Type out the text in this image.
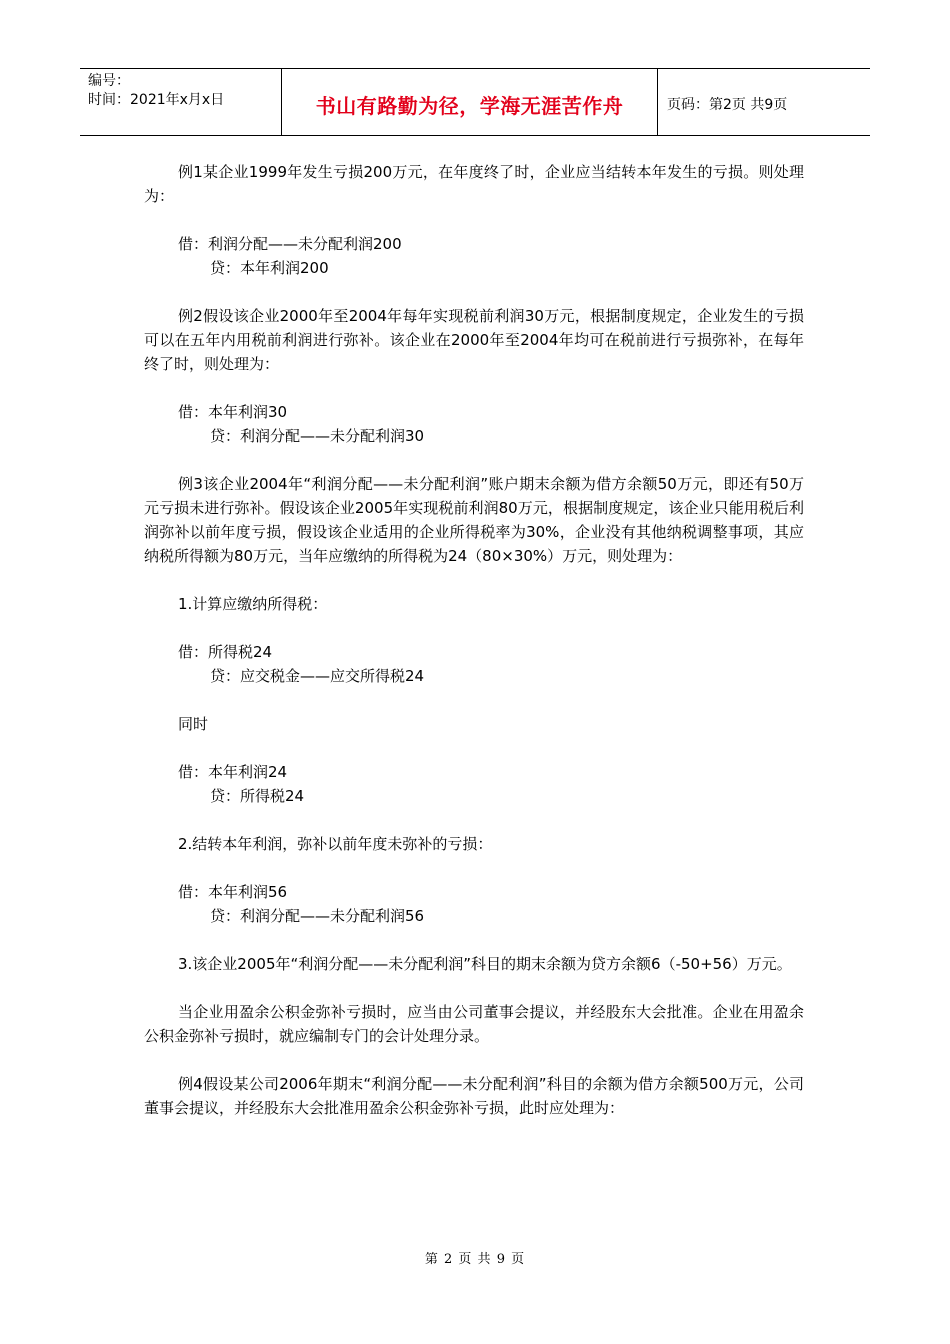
编号：
时间：2021年x月x日	书山有路勤为径，学海无涯苦作舟	页码：第2页 共9页

例1某企业1999年发生亏损200万元，在年度终了时，企业应当结转本年发生的亏损。则处理为：

借：利润分配——未分配利润200
贷：本年利润200

例2假设该企业2000年至2004年每年实现税前利润30万元，根据制度规定，企业发生的亏损可以在五年内用税前利润进行弥补。该企业在2000年至2004年均可在税前进行亏损弥补，在每年终了时，则处理为：

借：本年利润30
贷：利润分配——未分配利润30

例3该企业2004年“利润分配——未分配利润”账户期末余额为借方余额50万元，即还有50万元亏损未进行弥补。假设该企业2005年实现税前利润80万元，根据制度规定，该企业只能用税后利润弥补以前年度亏损，假设该企业适用的企业所得税率为30%，企业没有其他纳税调整事项，其应纳税所得额为80万元，当年应缴纳的所得税为24（80×30%）万元，则处理为：

1.计算应缴纳所得税：
借：所得税24
贷：应交税金——应交所得税24
同时
借：本年利润24
贷：所得税24
2.结转本年利润，弥补以前年度未弥补的亏损：
借：本年利润56
贷：利润分配——未分配利润56

3.该企业2005年“利润分配——未分配利润”科目的期末余额为贷方余额6（-50+56）万元。

当企业用盈余公积金弥补亏损时，应当由公司董事会提议，并经股东大会批准。企业在用盈余公积金弥补亏损时，就应编制专门的会计处理分录。

例4假设某公司2006年期末“利润分配——未分配利润”科目的余额为借方余额500万元，公司董事会提议，并经股东大会批准用盈余公积金弥补亏损，此时应处理为：

第 2 页 共 9 页
